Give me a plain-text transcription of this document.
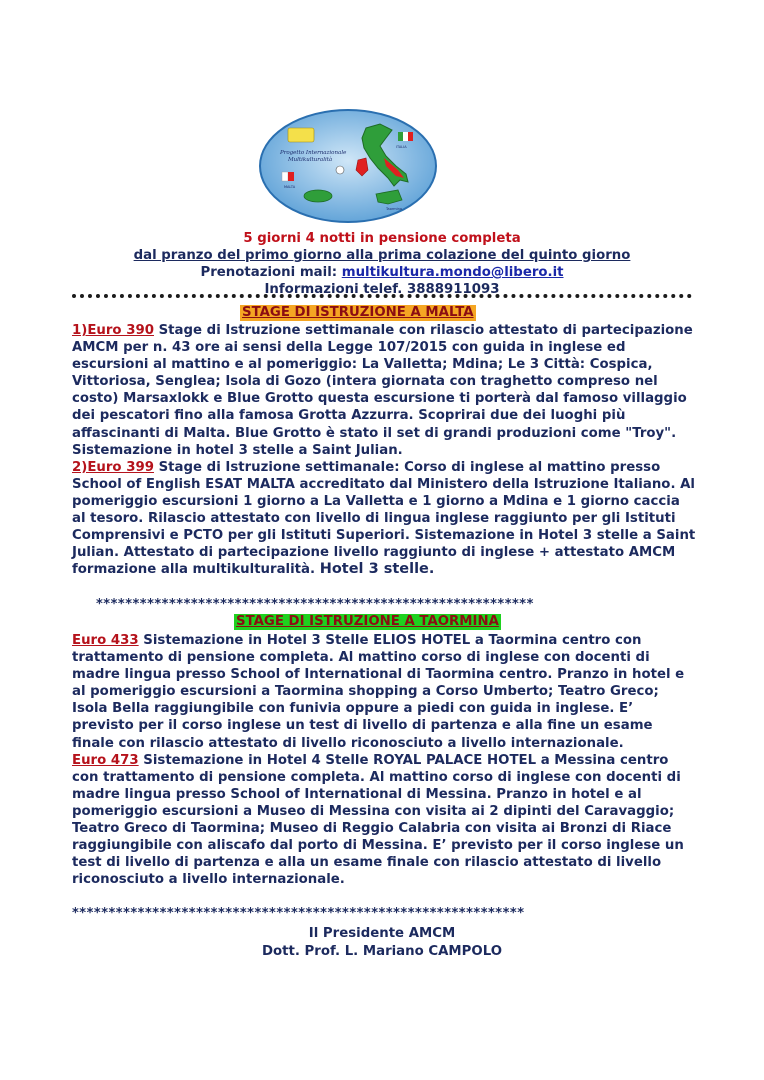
Progetto Internazionale
Multikulturalità
ITALIA
MALTA
Taormina
5 giorni 4 notti in pensione completa
dal pranzo del primo giorno alla prima colazione del quinto giorno
Prenotazioni mail: multikultura.mondo@libero.it
Informazioni telef. 3888911093
STAGE DI ISTRUZIONE A MALTA
1)Euro 390 Stage di Istruzione settimanale con rilascio attestato di partecipazione AMCM per n. 43 ore ai sensi della Legge 107/2015 con guida in inglese ed escursioni al mattino e al pomeriggio: La Valletta; Mdina; Le 3 Città: Cospica, Vittoriosa, Senglea; Isola di Gozo (intera giornata con traghetto compreso nel costo) Marsaxlokk e Blue Grotto questa escursione ti porterà dal famoso villaggio dei pescatori fino alla famosa Grotta Azzurra. Scoprirai due dei luoghi più affascinanti di Malta. Blue Grotto è stato il set di grandi produzioni come "Troy". Sistemazione in hotel 3 stelle a Saint Julian.
2)Euro 399 Stage di Istruzione settimanale: Corso di inglese al mattino presso School of English ESAT MALTA accreditato dal Ministero della Istruzione Italiano. Al pomeriggio escursioni 1 giorno a La Valletta e 1 giorno a Mdina e 1 giorno caccia al tesoro. Rilascio attestato con livello di lingua inglese raggiunto per gli Istituti Comprensivi e PCTO per gli Istituti Superiori. Sistemazione in Hotel 3 stelle a Saint Julian. Attestato di partecipazione livello raggiunto di inglese + attestato AMCM formazione alla multikulturalità. Hotel 3 stelle.
************************************************************
STAGE DI ISTRUZIONE A TAORMINA
Euro 433 Sistemazione in Hotel 3 Stelle ELIOS HOTEL a Taormina centro con trattamento di pensione completa. Al mattino corso di inglese con docenti di madre lingua presso School of International di Taormina centro. Pranzo in hotel e al pomeriggio escursioni a Taormina shopping a Corso Umberto; Teatro Greco; Isola Bella raggiungibile con funivia oppure a piedi con guida in inglese. E’ previsto per il corso inglese un test di livello di partenza e alla fine un esame finale con rilascio attestato di livello riconosciuto a livello internazionale.
Euro 473 Sistemazione in Hotel 4 Stelle ROYAL PALACE HOTEL a Messina centro con trattamento di pensione completa. Al mattino corso di inglese con docenti di madre lingua presso School of International di Messina. Pranzo in hotel e al pomeriggio escursioni a Museo di Messina con visita ai 2 dipinti del Caravaggio; Teatro Greco di Taormina; Museo di Reggio Calabria con visita ai Bronzi di Riace raggiungibile con aliscafo dal porto di Messina. E’ previsto per il corso inglese un test di livello di partenza e alla un esame finale con rilascio attestato di livello riconosciuto a livello internazionale.
**************************************************************
Il Presidente AMCM
Dott. Prof. L. Mariano CAMPOLO
